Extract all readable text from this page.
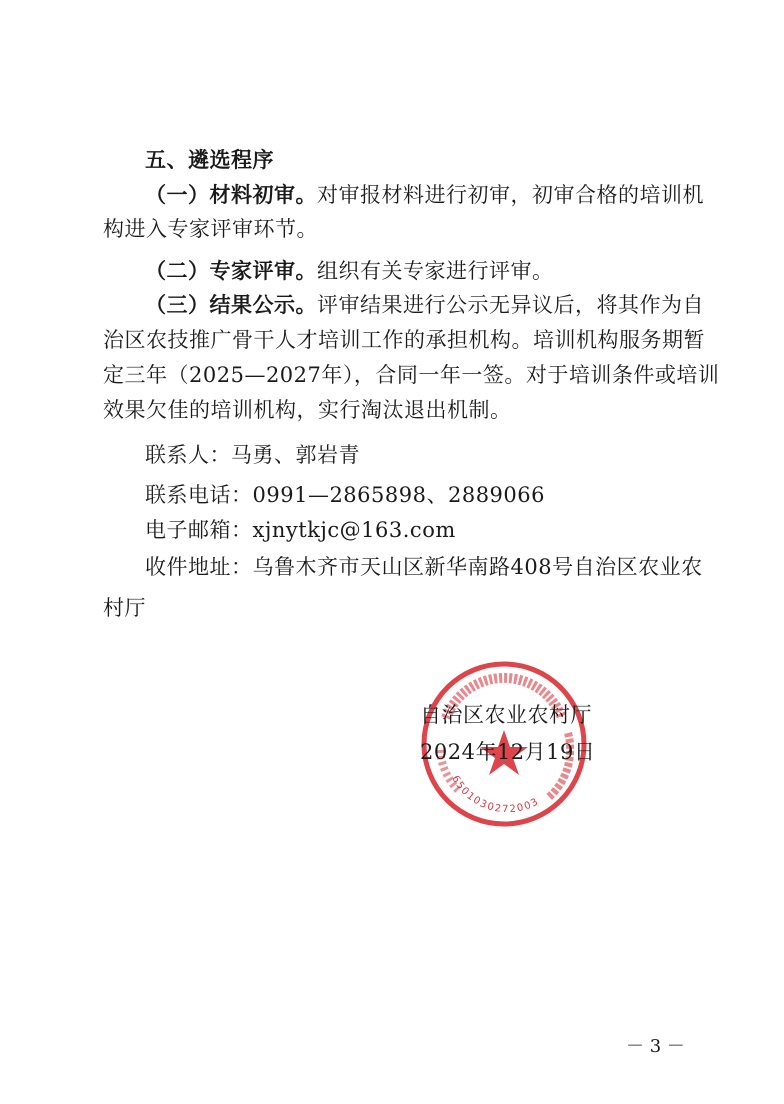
五、遴选程序
（一）材料初审。对审报材料进行初审，初审合格的培训机
构进入专家评审环节。
（二）专家评审。组织有关专家进行评审。
（三）结果公示。评审结果进行公示无异议后，将其作为自
治区农技推广骨干人才培训工作的承担机构。培训机构服务期暂
定三年（2025—2027年），合同一年一签。对于培训条件或培训
效果欠佳的培训机构，实行淘汰退出机制。
联系人：马勇、郭岩青
联系电话：0991—2865898、2889066
电子邮箱：xjnytkjc@163.com
收件地址：乌鲁木齐市天山区新华南路408号自治区农业农
村厅
6501030272003
自治区农业农村厅
2024年12月19日
－ 3 －
